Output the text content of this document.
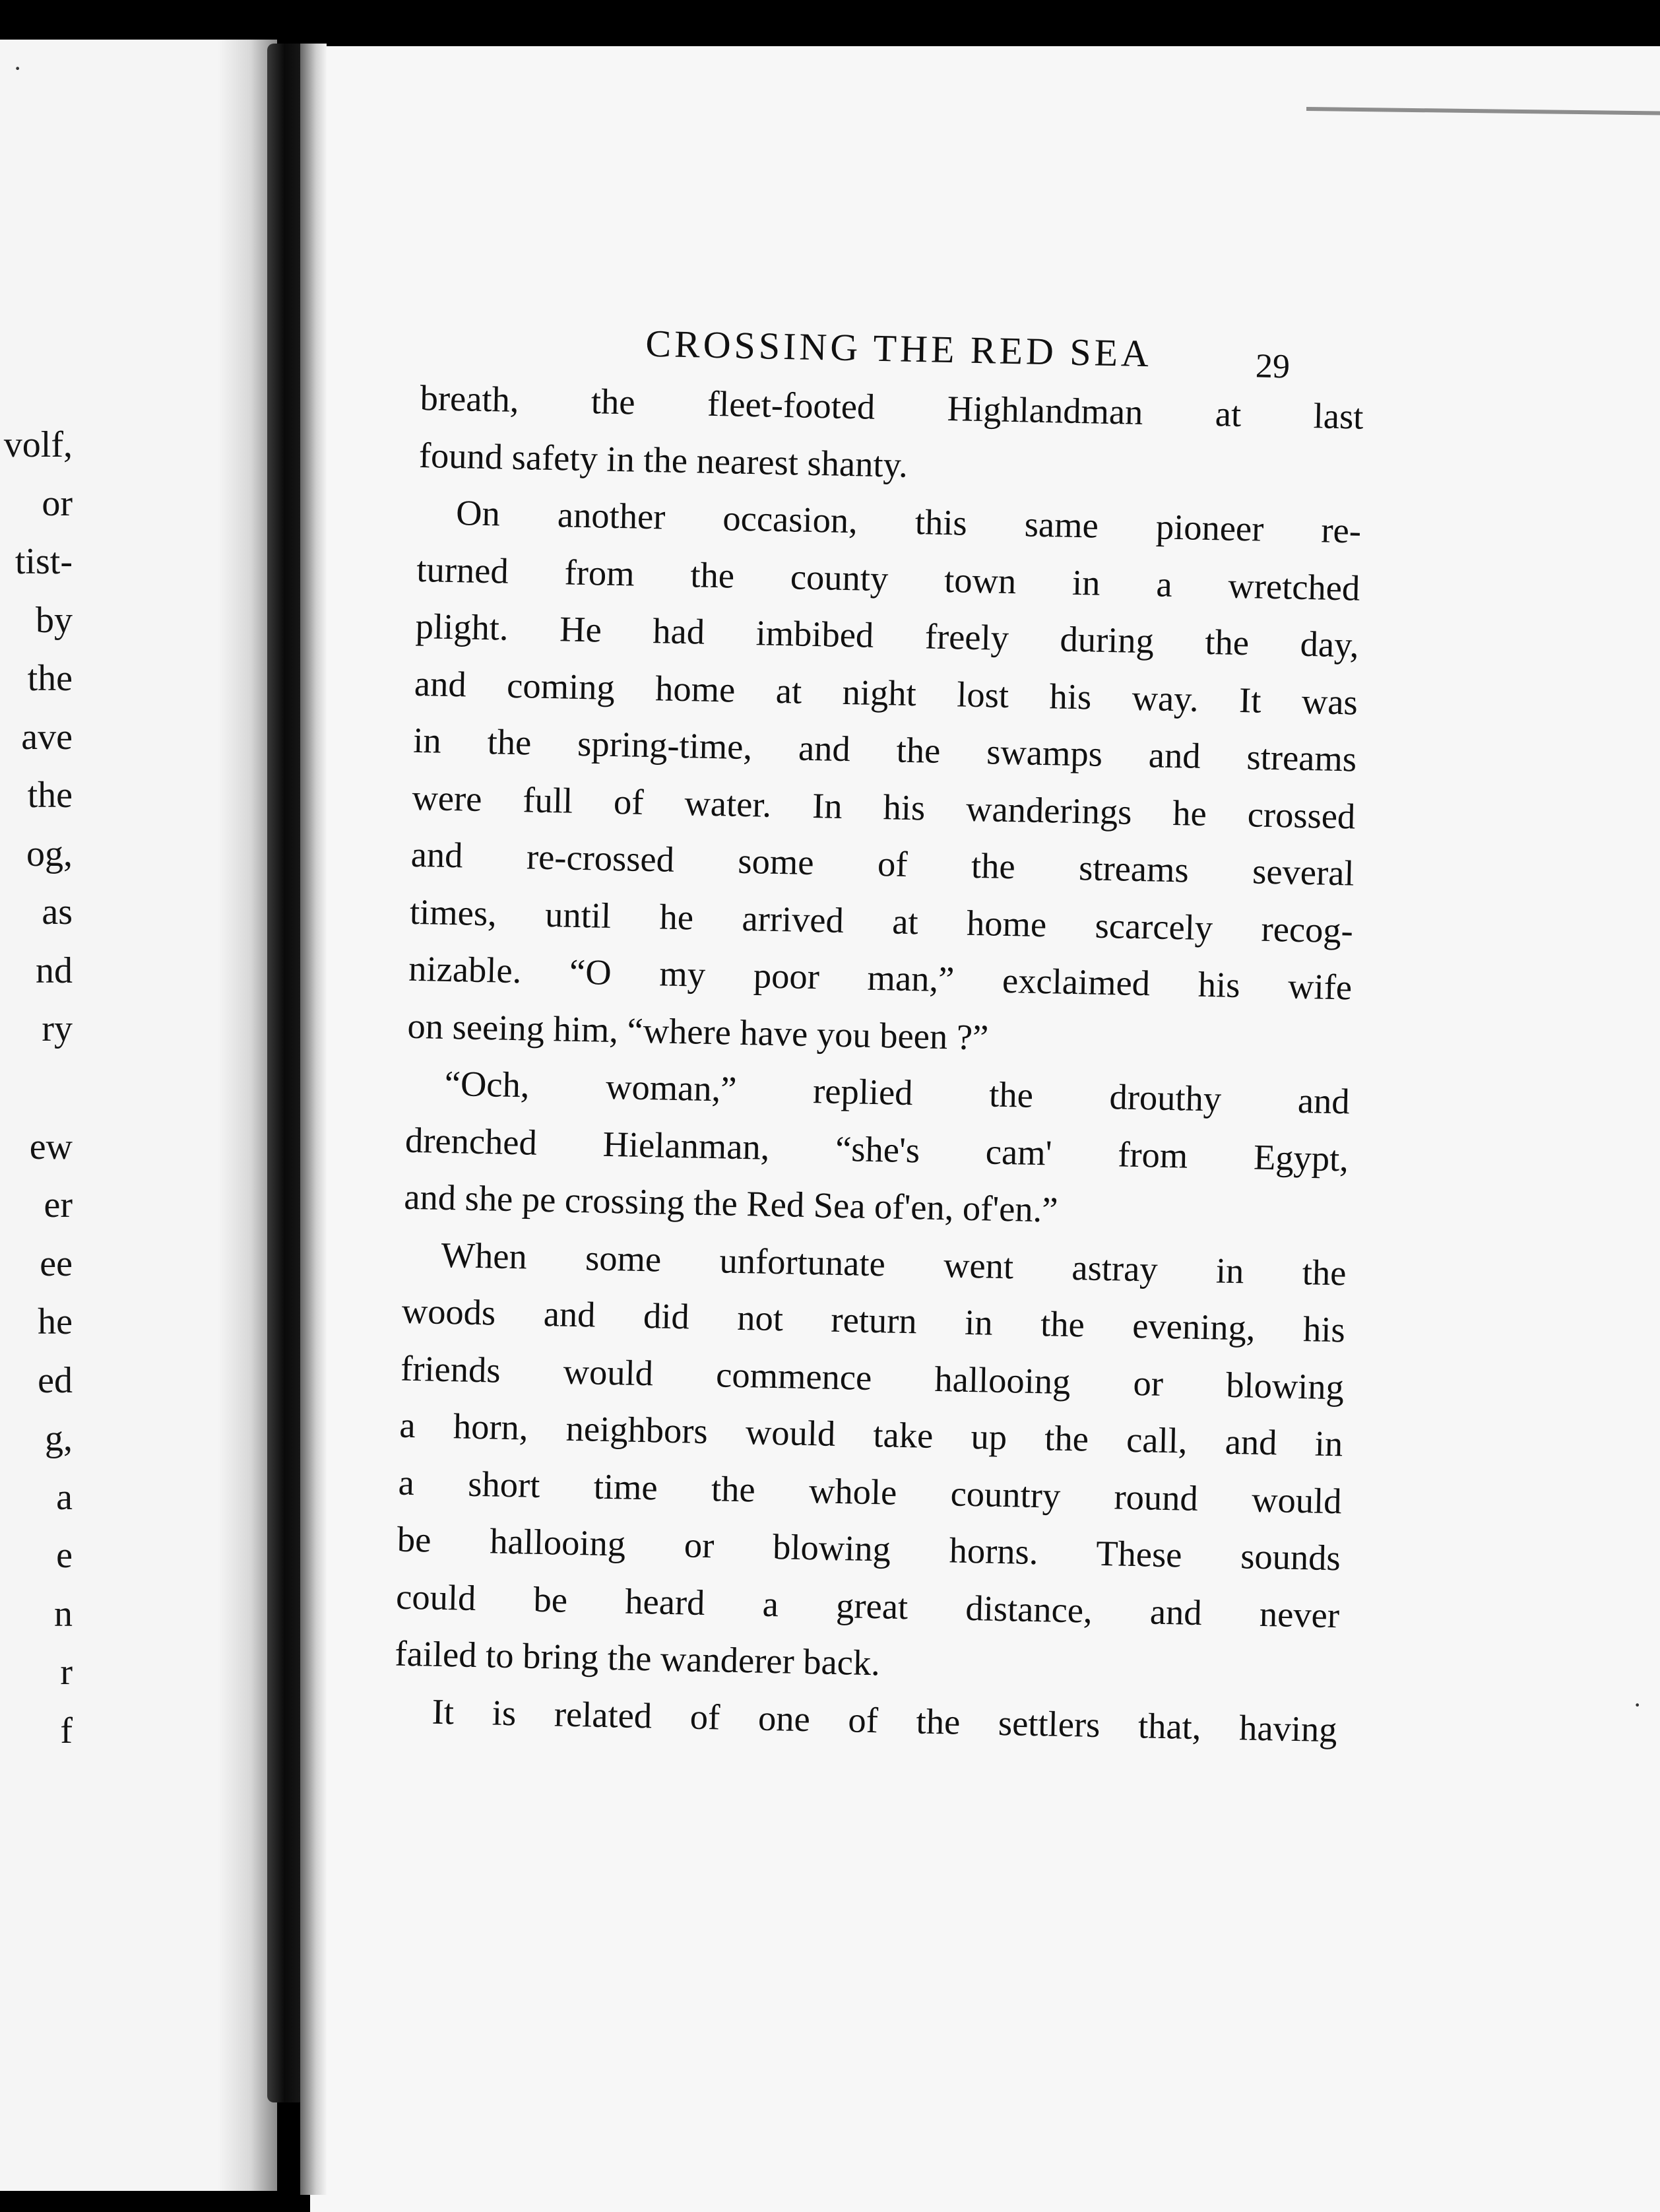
volf,
or
tist-
by
the
ave
the
og,
as
nd
ry
ew
er
ee
he
ed
g,
a
e
n
r
f
CROSSING THE RED SEA	29

breath, the fleet-footed Highlandman at last
found safety in the nearest shanty.

On another occasion, this same pioneer re-
turned from the county town in a wretched
plight. He had imbibed freely during the day,
and coming home at night lost his way. It was
in the spring-time, and the swamps and streams
were full of water. In his wanderings he crossed
and re-crossed some of the streams several
times, until he arrived at home scarcely recog-
nizable. “O my poor man,” exclaimed his wife
on seeing him, “where have you been ?”

“Och, woman,” replied the drouthy and
drenched Hielanman, “she's cam' from Egypt,
and she pe crossing the Red Sea of'en, of'en.”

When some unfortunate went astray in the
woods and did not return in the evening, his
friends would commence hallooing or blowing
a horn, neighbors would take up the call, and in
a short time the whole country round would
be hallooing or blowing horns. These sounds
could be heard a great distance, and never
failed to bring the wanderer back.

It is related of one of the settlers that, having

·
·
